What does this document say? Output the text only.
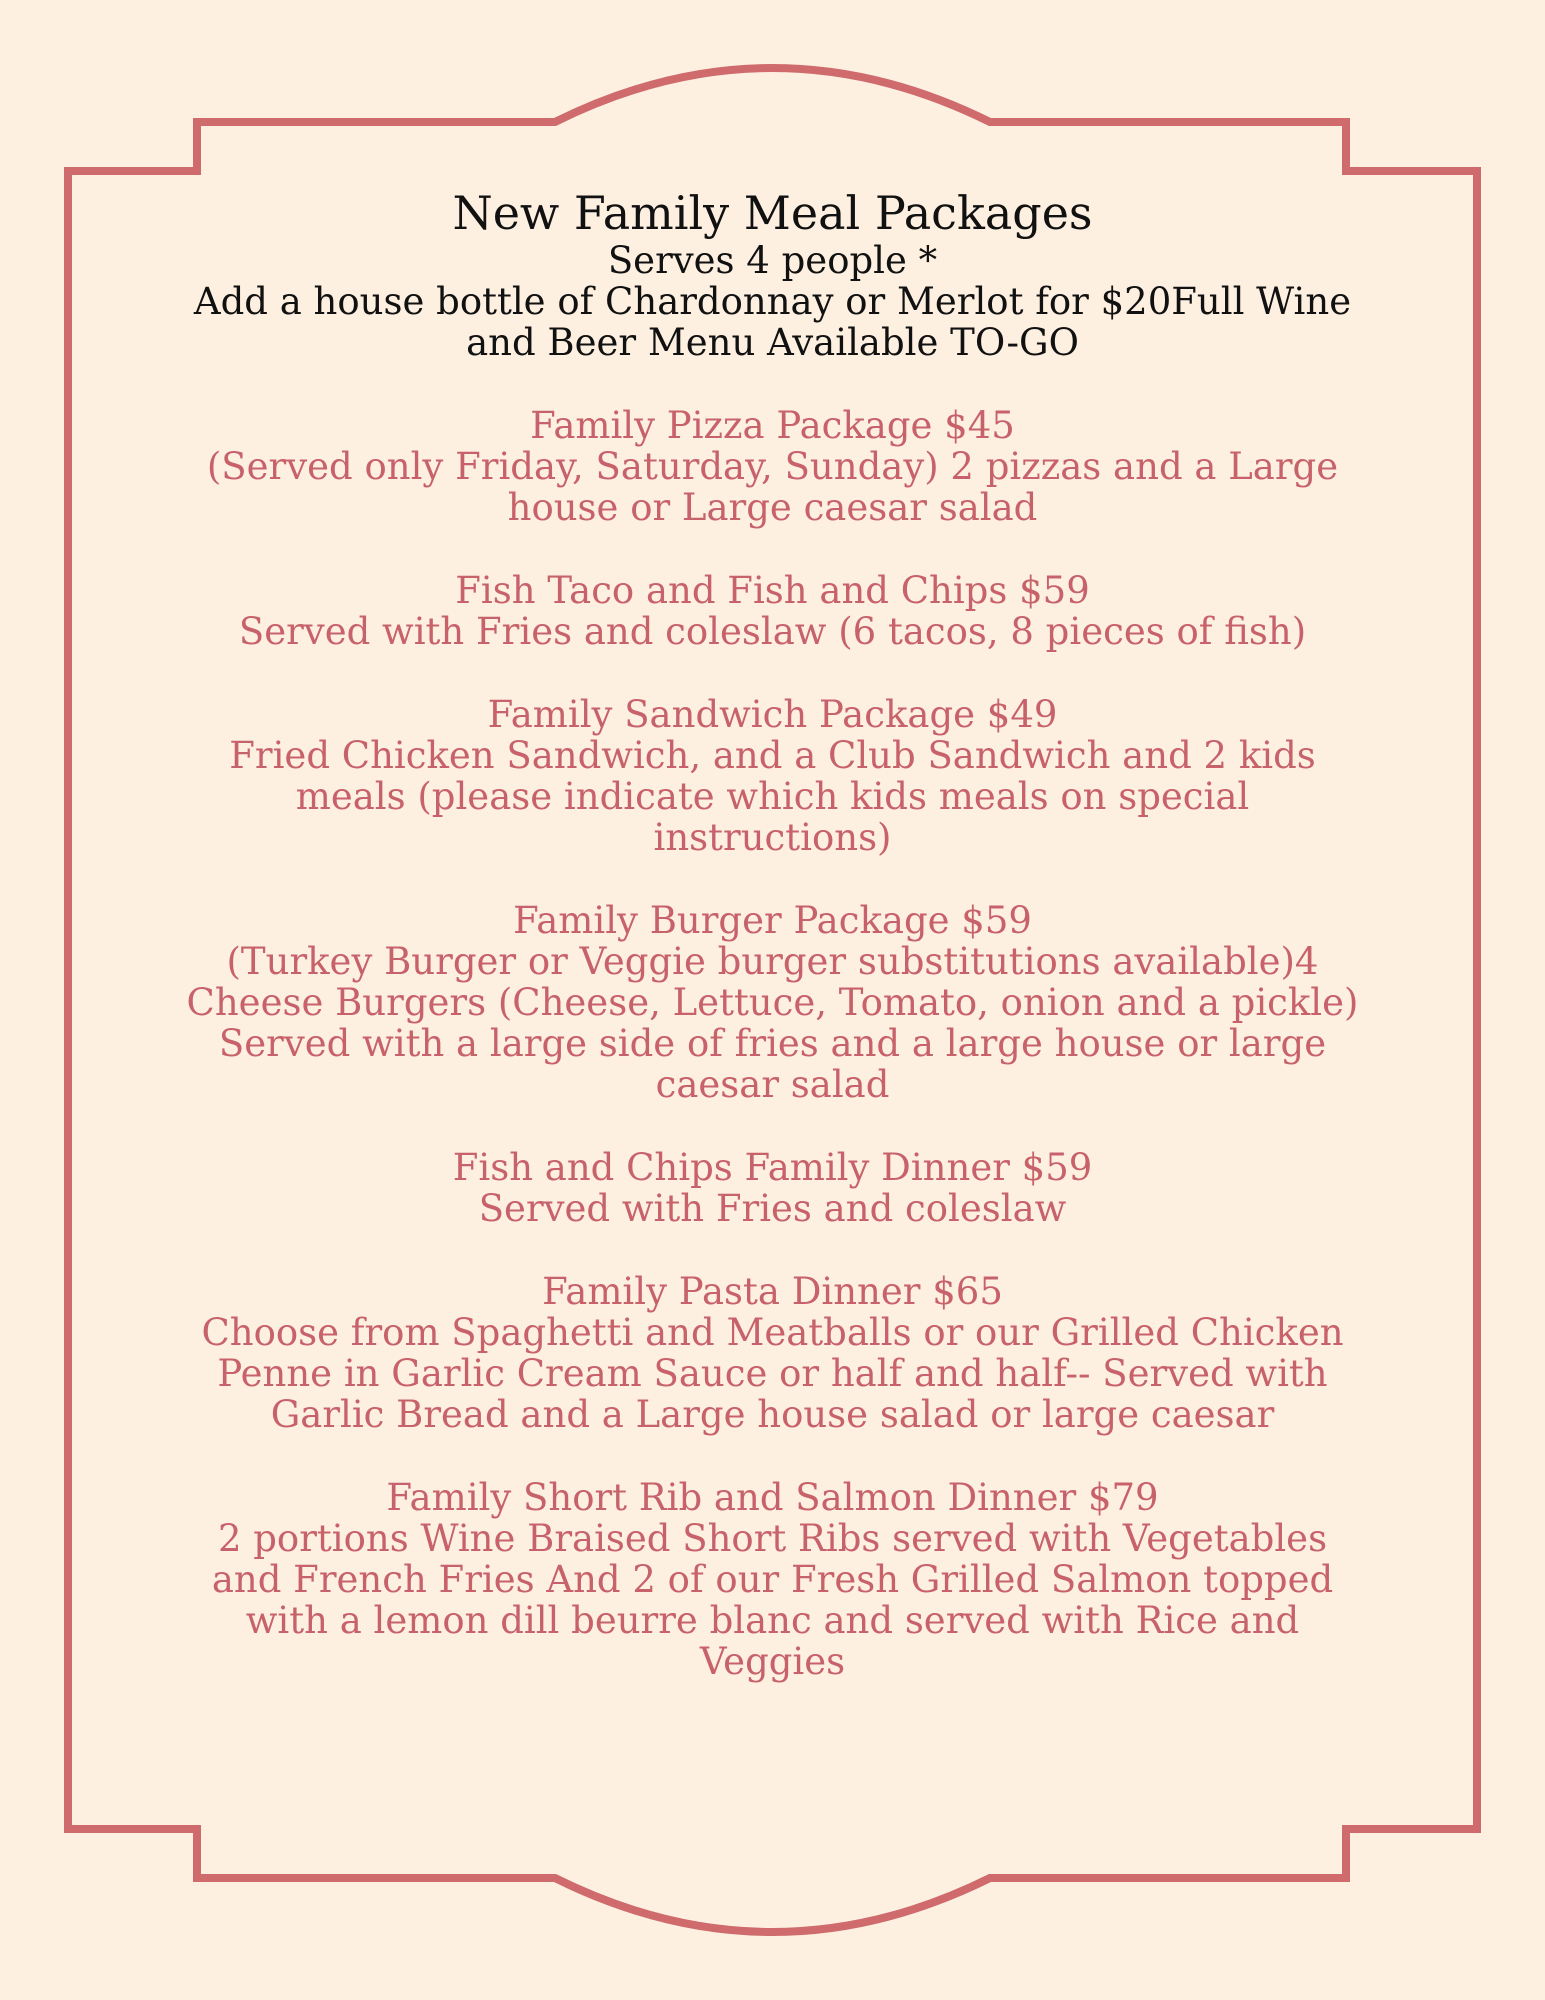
New Family Meal Packages

Serves 4 people *

Add a house bottle of Chardonnay or Merlot for $20Full Wine

and Beer Menu Available TO-GO

Family Pizza Package $45

(Served only Friday, Saturday, Sunday) 2 pizzas and a Large

house or Large caesar salad

Fish Taco and Fish and Chips $59

Served with Fries and coleslaw (6 tacos, 8 pieces of fish)

Family Sandwich Package $49

Fried Chicken Sandwich, and a Club Sandwich and 2 kids

meals (please indicate which kids meals on special

instructions)

Family Burger Package $59

(Turkey Burger or Veggie burger substitutions available)4

Cheese Burgers (Cheese, Lettuce, Tomato, onion and a pickle)

Served with a large side of fries and a large house or large

caesar salad

Fish and Chips Family Dinner $59

Served with Fries and coleslaw

Family Pasta Dinner $65

Choose from Spaghetti and Meatballs or our Grilled Chicken

Penne in Garlic Cream Sauce or half and half-- Served with

Garlic Bread and a Large house salad or large caesar

Family Short Rib and Salmon Dinner $79

2 portions Wine Braised Short Ribs served with Vegetables

and French Fries And 2 of our Fresh Grilled Salmon topped

with a lemon dill beurre blanc and served with Rice and

Veggies
